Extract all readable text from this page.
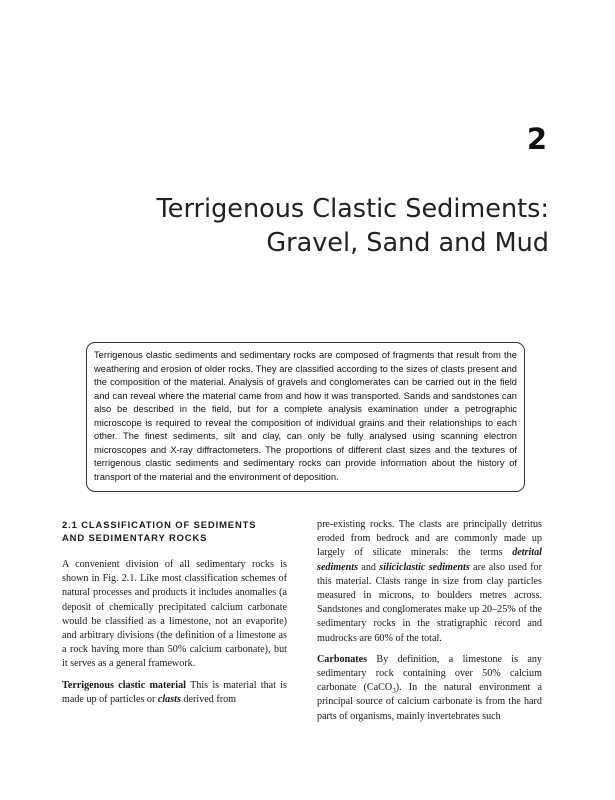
2
Terrigenous Clastic Sediments:
Gravel, Sand and Mud

Terrigenous clastic sediments and sedimentary rocks are composed of fragments that result from the weathering and erosion of older rocks. They are classified according to the sizes of clasts present and the composition of the material. Analysis of gravels and conglomerates can be carried out in the field and can reveal where the material came from and how it was transported. Sands and sandstones can also be described in the field, but for a complete analysis examination under a petrographic microscope is required to reveal the composition of individual grains and their relationships to each other. The finest sediments, silt and clay, can only be fully analysed using scanning electron microscopes and X-ray diffractometers. The proportions of different clast sizes and the textures of terrigenous clastic sediments and sedimentary rocks can provide information about the history of transport of the material and the environment of deposition.

2.1 CLASSIFICATION OF SEDIMENTS
AND SEDIMENTARY ROCKS

A convenient division of all sedimentary rocks is shown in Fig. 2.1. Like most classification schemes of natural processes and products it includes anomalies (a deposit of chemically precipitated calcium carbonate would be classified as a limestone, not an evaporite) and arbitrary divisions (the definition of a limestone as a rock having more than 50% calcium carbonate), but it serves as a general framework.

Terrigenous clastic material This is material that is made up of particles or clasts derived from

pre-existing rocks. The clasts are principally detritus eroded from bedrock and are commonly made up largely of silicate minerals: the terms detrital sediments and siliciclastic sediments are also used for this material. Clasts range in size from clay particles measured in microns, to boulders metres across. Sandstones and conglomerates make up 20–25% of the sedimentary rocks in the stratigraphic record and mudrocks are 60% of the total.

Carbonates By definition, a limestone is any sedimentary rock containing over 50% calcium carbonate (CaCO$_3$). In the natural environment a principal source of calcium carbonate is from the hard parts of organisms, mainly invertebrates such
